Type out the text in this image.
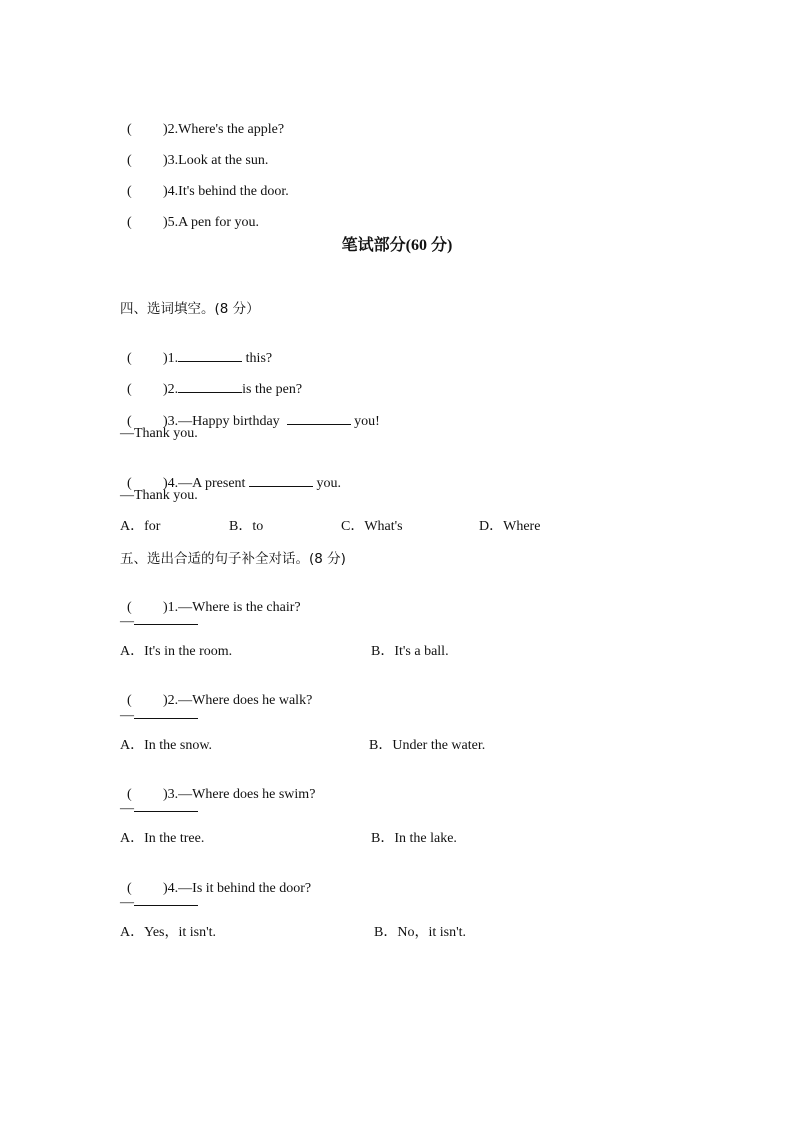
( )2.Where's the apple?

( )3.Look at the sun.

( )4.It's behind the door.

( )5.A pen for you.

笔试部分(60 分)
四、选词填空。(8 分）

( )1.	this?

( )2.	is the pen?

( )3.—Happy birthday	you!

—Thank you.

( )4.—A present	you.

—Thank you.
A．for	B．to	C．What's	D．Where
五、选出合适的句子补全对话。(8 分)

( )1.—Where is the chair?

—
A．It's in the room.	B．It's a ball.

( )2.—Where does he walk?

—
A．In the snow.	B．Under the water.

( )3.—Where does he swim?

—
A．In the tree.	B．In the lake.

( )4.—Is it behind the door?

—
A．Yes，it isn't.	B．No，it isn't.
